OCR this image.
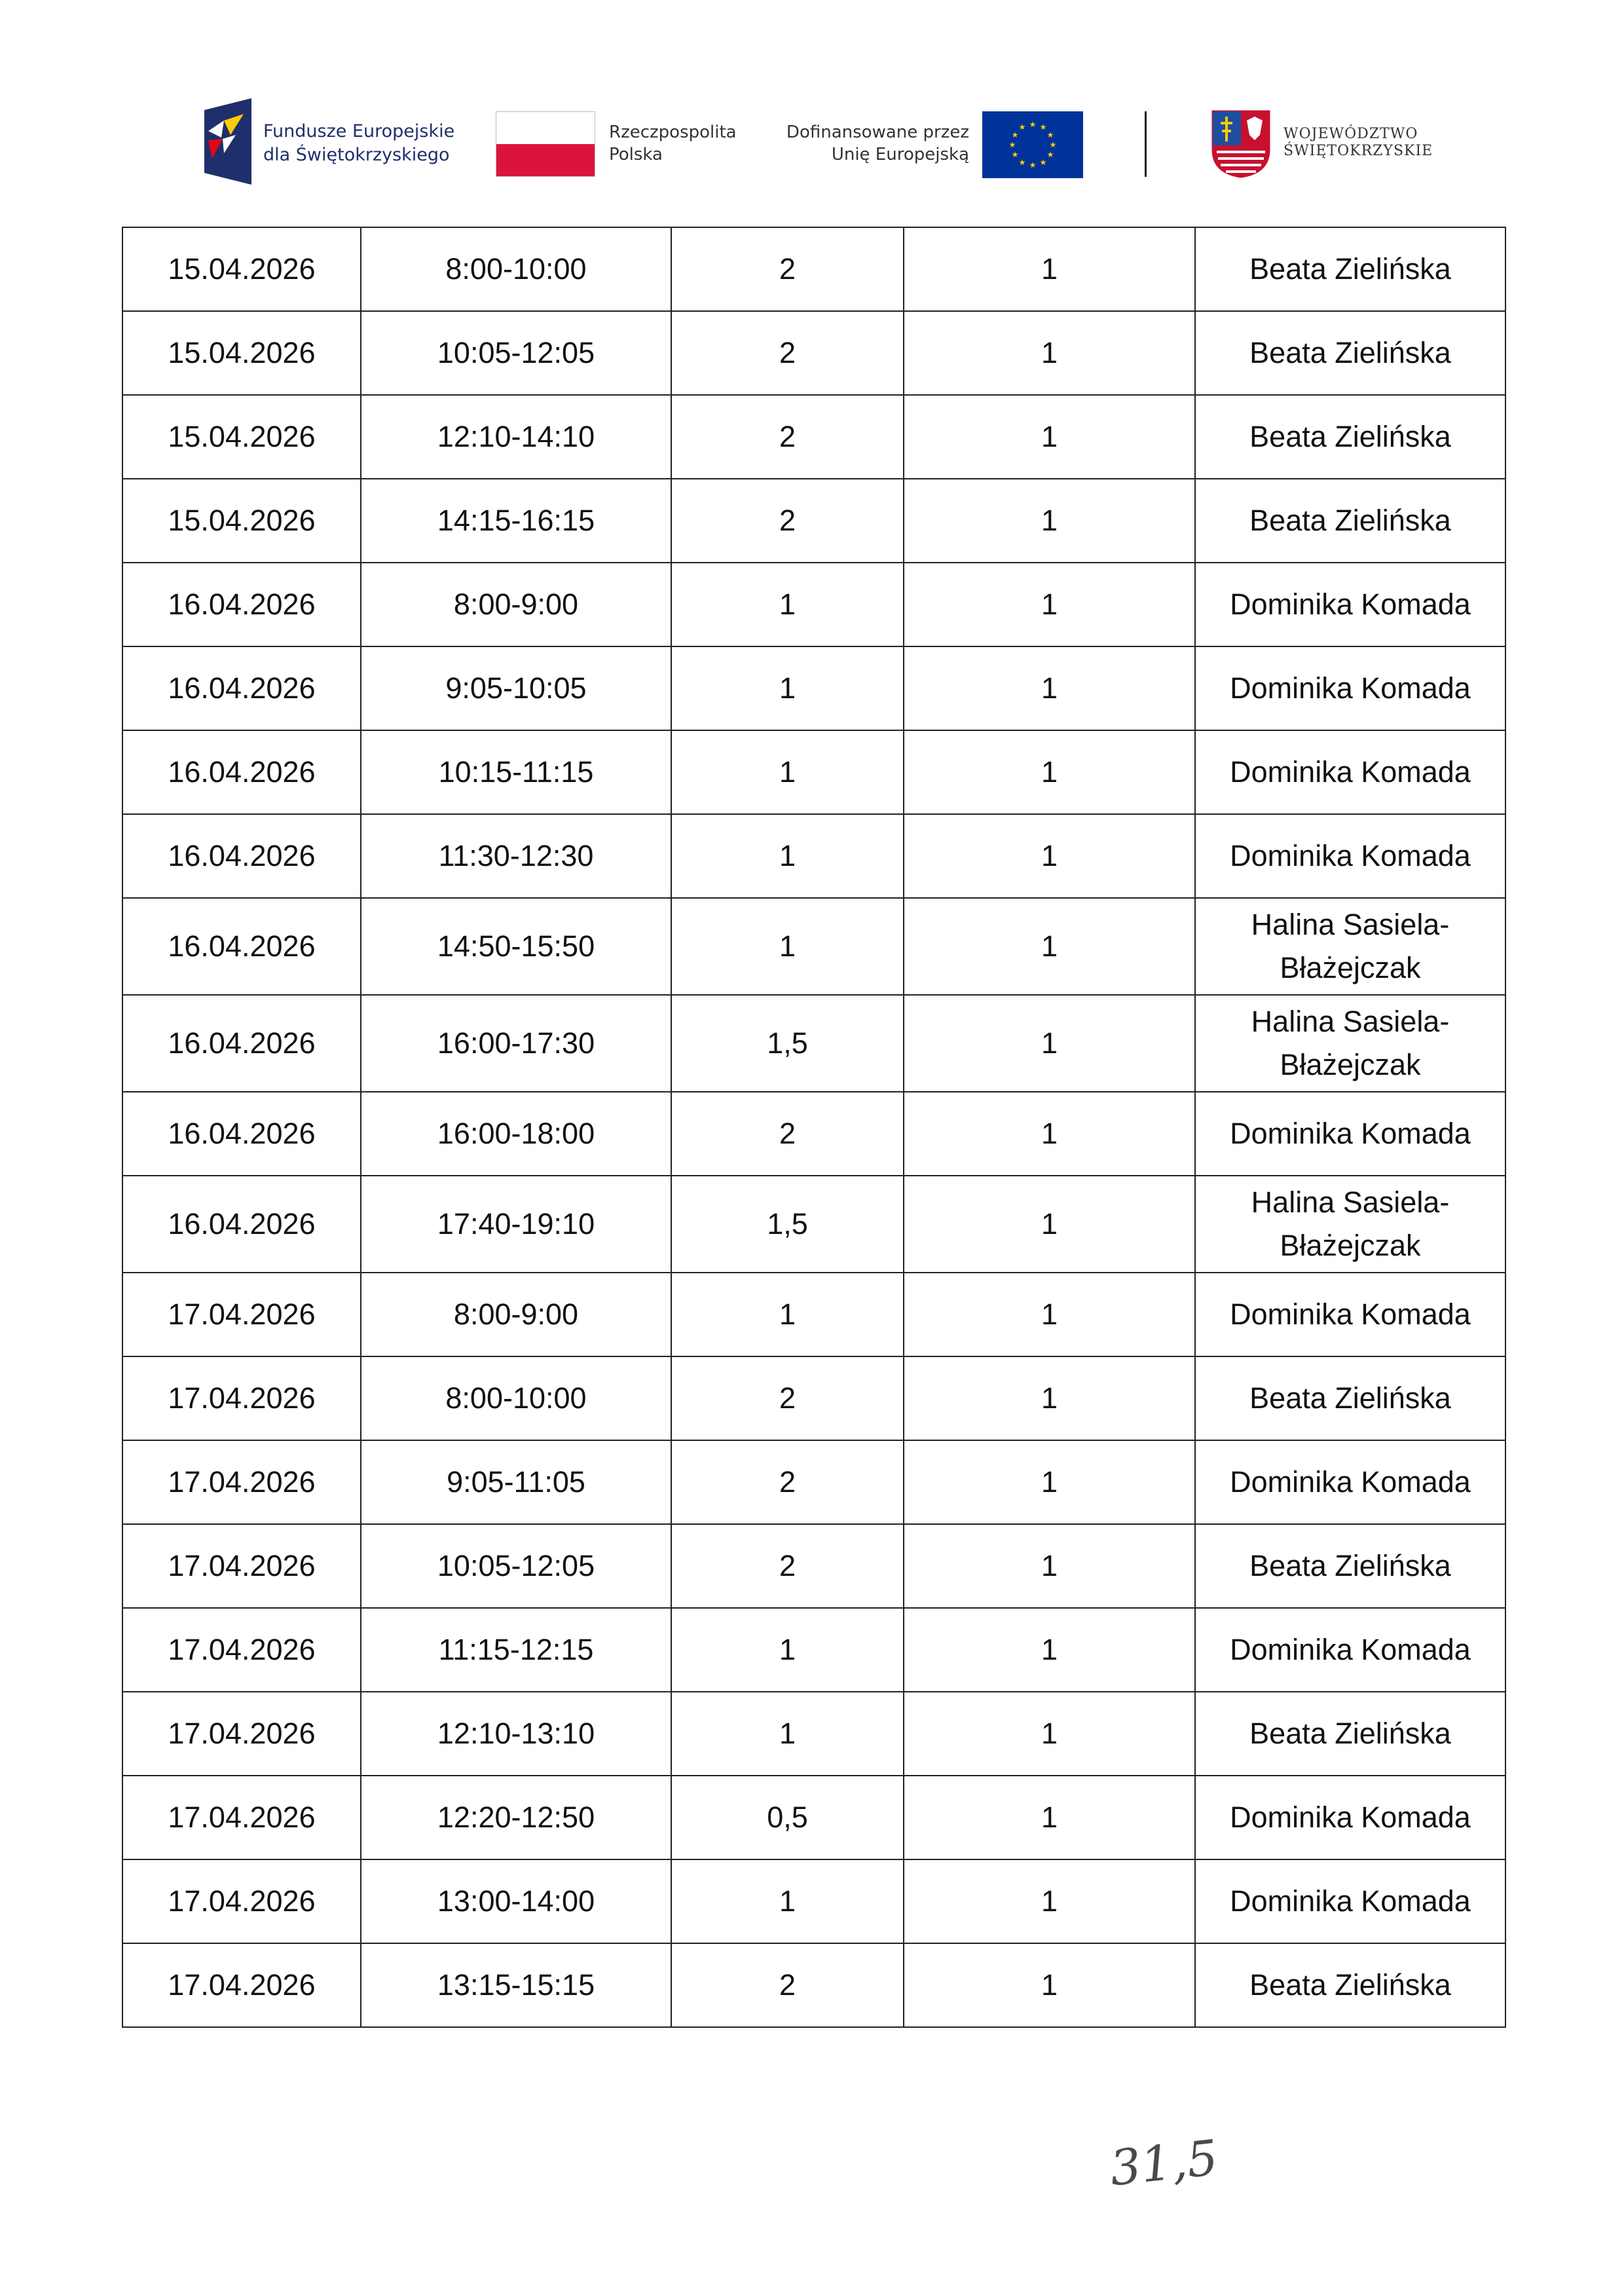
Fundusze Europejskie
dla Świętokrzyskiego
Rzeczpospolita
Polska
Dofinansowane przez
Unię Europejską
★ ★
★
★
★
★
★
★
★
★
★
★	WOJEWÓDZTWO
ŚWIĘTOKRZYSKIE
15.04.2026	8:00-10:00	2	1	Beata Zielińska
15.04.2026	10:05-12:05	2	1	Beata Zielińska
15.04.2026	12:10-14:10	2	1	Beata Zielińska
15.04.2026	14:15-16:15	2	1	Beata Zielińska
16.04.2026	8:00-9:00	1	1	Dominika Komada
16.04.2026	9:05-10:05	1	1	Dominika Komada
16.04.2026	10:15-11:15	1	1	Dominika Komada
16.04.2026	11:30-12:30	1	1	Dominika Komada
16.04.2026	14:50-15:50	1	1	Halina Sasiela-Błażejczak
16.04.2026	16:00-17:30	1,5	1	Halina Sasiela-Błażejczak
16.04.2026	16:00-18:00	2	1	Dominika Komada
16.04.2026	17:40-19:10	1,5	1	Halina Sasiela-Błażejczak
17.04.2026	8:00-9:00	1	1	Dominika Komada
17.04.2026	8:00-10:00	2	1	Beata Zielińska
17.04.2026	9:05-11:05	2	1	Dominika Komada
17.04.2026	10:05-12:05	2	1	Beata Zielińska
17.04.2026	11:15-12:15	1	1	Dominika Komada
17.04.2026	12:10-13:10	1	1	Beata Zielińska
17.04.2026	12:20-12:50	0,5	1	Dominika Komada
17.04.2026	13:00-14:00	1	1	Dominika Komada
17.04.2026	13:15-15:15	2	1	Beata Zielińska
31,5
